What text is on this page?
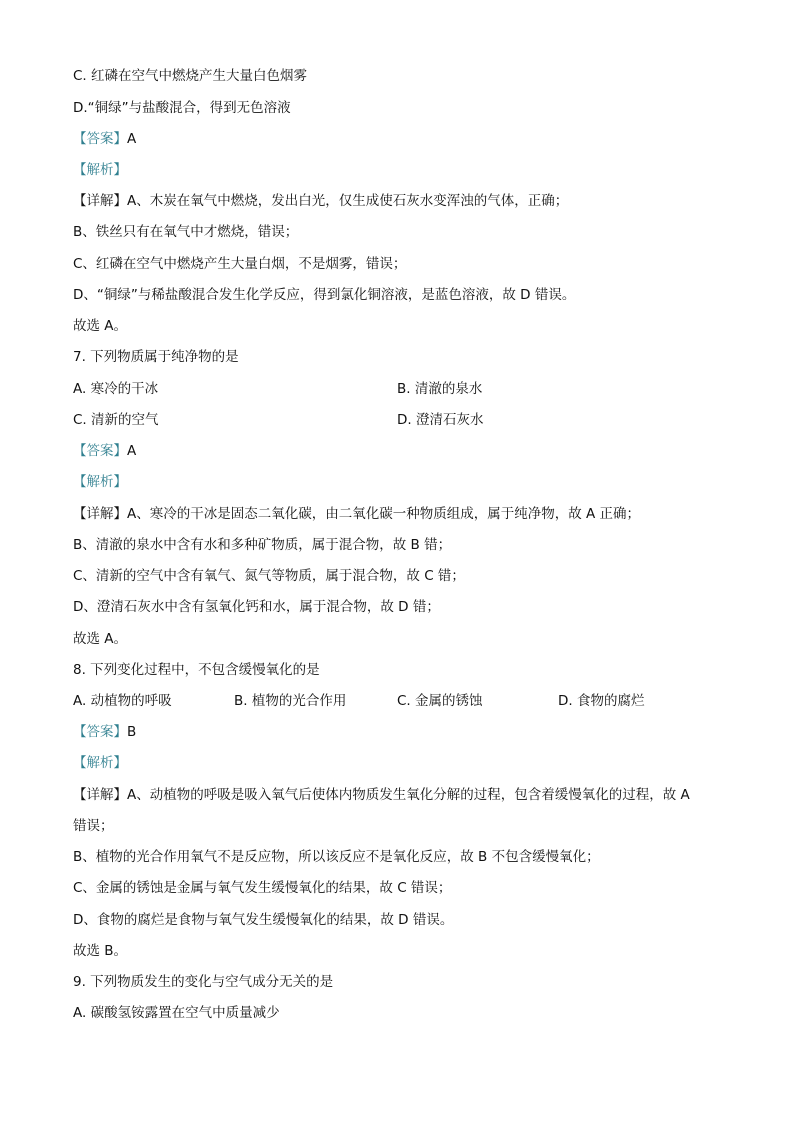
C. 红磷在空气中燃烧产生大量白色烟雾
D.“铜绿”与盐酸混合，得到无色溶液
【答案】A
【解析】
【详解】A、木炭在氧气中燃烧，发出白光，仅生成使石灰水变浑浊的气体，正确；
B、铁丝只有在氧气中才燃烧，错误；
C、红磷在空气中燃烧产生大量白烟，不是烟雾，错误；
D、“铜绿”与稀盐酸混合发生化学反应，得到氯化铜溶液，是蓝色溶液，故 D 错误。
故选 A。
7. 下列物质属于纯净物的是
A. 寒冷的干冰	B. 清澈的泉水
C. 清新的空气	D. 澄清石灰水
【答案】A
【解析】
【详解】A、寒冷的干冰是固态二氧化碳，由二氧化碳一种物质组成，属于纯净物，故 A 正确；
B、清澈的泉水中含有水和多种矿物质，属于混合物，故 B 错；
C、清新的空气中含有氧气、氮气等物质，属于混合物，故 C 错；
D、澄清石灰水中含有氢氧化钙和水，属于混合物，故 D 错；
故选 A。
8. 下列变化过程中，不包含缓慢氧化的是
A. 动植物的呼吸	B. 植物的光合作用	C. 金属的锈蚀	D. 食物的腐烂
【答案】B
【解析】
【详解】A、动植物的呼吸是吸入氧气后使体内物质发生氧化分解的过程，包含着缓慢氧化的过程，故 A
错误；
B、植物的光合作用氧气不是反应物，所以该反应不是氧化反应，故 B 不包含缓慢氧化；
C、金属的锈蚀是金属与氧气发生缓慢氧化的结果，故 C 错误；
D、食物的腐烂是食物与氧气发生缓慢氧化的结果，故 D 错误。
故选 B。
9. 下列物质发生的变化与空气成分无关的是
A. 碳酸氢铵露置在空气中质量减少
